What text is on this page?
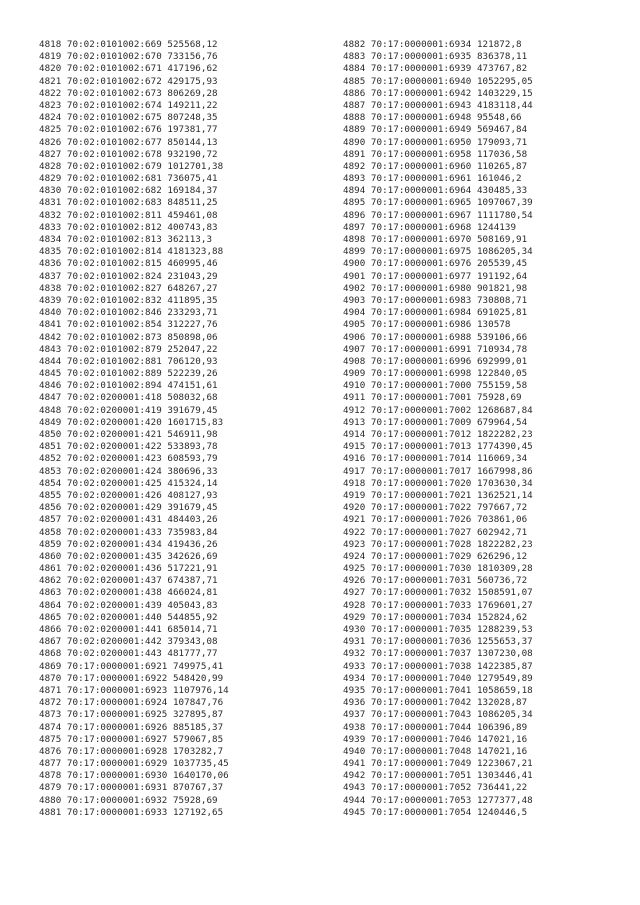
4818 70:02:0101002:669 525568,12
4819 70:02:0101002:670 733156,76
4820 70:02:0101002:671 417196,62
4821 70:02:0101002:672 429175,93
4822 70:02:0101002:673 806269,28
4823 70:02:0101002:674 149211,22
4824 70:02:0101002:675 807248,35
4825 70:02:0101002:676 197381,77
4826 70:02:0101002:677 850144,13
4827 70:02:0101002:678 932190,72
4828 70:02:0101002:679 1012701,38
4829 70:02:0101002:681 736075,41
4830 70:02:0101002:682 169184,37
4831 70:02:0101002:683 848511,25
4832 70:02:0101002:811 459461,08
4833 70:02:0101002:812 400743,83
4834 70:02:0101002:813 362113,3
4835 70:02:0101002:814 4181323,88
4836 70:02:0101002:815 460995,46
4837 70:02:0101002:824 231043,29
4838 70:02:0101002:827 648267,27
4839 70:02:0101002:832 411895,35
4840 70:02:0101002:846 233293,71
4841 70:02:0101002:854 312227,76
4842 70:02:0101002:873 850898,06
4843 70:02:0101002:879 252047,22
4844 70:02:0101002:881 706120,93
4845 70:02:0101002:889 522239,26
4846 70:02:0101002:894 474151,61
4847 70:02:0200001:418 508032,68
4848 70:02:0200001:419 391679,45
4849 70:02:0200001:420 1601715,83
4850 70:02:0200001:421 546911,98
4851 70:02:0200001:422 533893,78
4852 70:02:0200001:423 608593,79
4853 70:02:0200001:424 380696,33
4854 70:02:0200001:425 415324,14
4855 70:02:0200001:426 408127,93
4856 70:02:0200001:429 391679,45
4857 70:02:0200001:431 484403,26
4858 70:02:0200001:433 735983,84
4859 70:02:0200001:434 419436,26
4860 70:02:0200001:435 342626,69
4861 70:02:0200001:436 517221,91
4862 70:02:0200001:437 674387,71
4863 70:02:0200001:438 466024,81
4864 70:02:0200001:439 405043,83
4865 70:02:0200001:440 544855,92
4866 70:02:0200001:441 685014,71
4867 70:02:0200001:442 379343,08
4868 70:02:0200001:443 481777,77
4869 70:17:0000001:6921 749975,41
4870 70:17:0000001:6922 548420,99
4871 70:17:0000001:6923 1107976,14
4872 70:17:0000001:6924 107847,76
4873 70:17:0000001:6925 327895,87
4874 70:17:0000001:6926 885185,37
4875 70:17:0000001:6927 579067,85
4876 70:17:0000001:6928 1703282,7
4877 70:17:0000001:6929 1037735,45
4878 70:17:0000001:6930 1640170,06
4879 70:17:0000001:6931 870767,37
4880 70:17:0000001:6932 75928,69
4881 70:17:0000001:6933 127192,65
4882 70:17:0000001:6934 121872,8
4883 70:17:0000001:6935 836378,11
4884 70:17:0000001:6939 473767,82
4885 70:17:0000001:6940 1052295,05
4886 70:17:0000001:6942 1403229,15
4887 70:17:0000001:6943 4183118,44
4888 70:17:0000001:6948 95548,66
4889 70:17:0000001:6949 569467,84
4890 70:17:0000001:6950 179093,71
4891 70:17:0000001:6958 117036,58
4892 70:17:0000001:6960 110265,87
4893 70:17:0000001:6961 161046,2
4894 70:17:0000001:6964 430485,33
4895 70:17:0000001:6965 1097067,39
4896 70:17:0000001:6967 1111780,54
4897 70:17:0000001:6968 1244139
4898 70:17:0000001:6970 508169,91
4899 70:17:0000001:6975 1086205,34
4900 70:17:0000001:6976 205539,45
4901 70:17:0000001:6977 191192,64
4902 70:17:0000001:6980 901821,98
4903 70:17:0000001:6983 730808,71
4904 70:17:0000001:6984 691025,81
4905 70:17:0000001:6986 130578
4906 70:17:0000001:6988 539106,66
4907 70:17:0000001:6991 710934,78
4908 70:17:0000001:6996 692999,01
4909 70:17:0000001:6998 122840,05
4910 70:17:0000001:7000 755159,58
4911 70:17:0000001:7001 75928,69
4912 70:17:0000001:7002 1268687,84
4913 70:17:0000001:7009 679964,54
4914 70:17:0000001:7012 1822282,23
4915 70:17:0000001:7013 1774390,45
4916 70:17:0000001:7014 116069,34
4917 70:17:0000001:7017 1667998,86
4918 70:17:0000001:7020 1703630,34
4919 70:17:0000001:7021 1362521,14
4920 70:17:0000001:7022 797667,72
4921 70:17:0000001:7026 703861,06
4922 70:17:0000001:7027 602942,71
4923 70:17:0000001:7028 1822282,23
4924 70:17:0000001:7029 626296,12
4925 70:17:0000001:7030 1810309,28
4926 70:17:0000001:7031 560736,72
4927 70:17:0000001:7032 1508591,07
4928 70:17:0000001:7033 1769601,27
4929 70:17:0000001:7034 152824,62
4930 70:17:0000001:7035 1288239,53
4931 70:17:0000001:7036 1255653,37
4932 70:17:0000001:7037 1307230,08
4933 70:17:0000001:7038 1422385,87
4934 70:17:0000001:7040 1279549,89
4935 70:17:0000001:7041 1058659,18
4936 70:17:0000001:7042 132028,87
4937 70:17:0000001:7043 1086205,34
4938 70:17:0000001:7044 106396,89
4939 70:17:0000001:7046 147021,16
4940 70:17:0000001:7048 147021,16
4941 70:17:0000001:7049 1223067,21
4942 70:17:0000001:7051 1303446,41
4943 70:17:0000001:7052 736441,22
4944 70:17:0000001:7053 1277377,48
4945 70:17:0000001:7054 1240446,5
